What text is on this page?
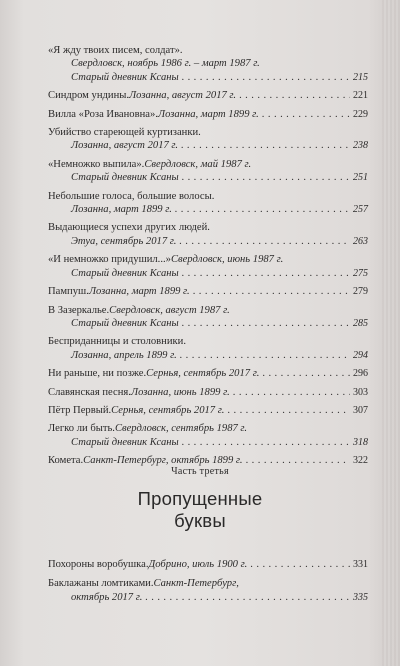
«Я жду твоих писем, солдат».
Свердловск, ноябрь 1986 г. – март 1987 г.
Старый дневник Ксаны . . .	215
Синдром ундины. Лозанна, август 2017 г. . . .	221
Вилла «Роза Ивановна». Лозанна, март 1899 г. . . .	229
Убийство стареющей куртизанки.
Лозанна, август 2017 г. . . .	238
«Немножко выпила». Свердловск, май 1987 г.
Старый дневник Ксаны . . .	251
Небольшие голоса, большие волосы.
Лозанна, март 1899 г. . . .	257
Выдающиеся успехи других людей.
Этуа, сентябрь 2017 г. . . .	263
«И немножко придушил...» Свердловск, июнь 1987 г.
Старый дневник Ксаны . . .	275
Пампуш. Лозанна, март 1899 г. . . .	279
В Зазеркалье. Свердловск, август 1987 г.
Старый дневник Ксаны . . .	285
Бесприданницы и столовники.
Лозанна, апрель 1899 г. . . .	294
Ни раньше, ни позже. Сернья, сентябрь 2017 г. . . .	296
Славянская песня. Лозанна, июнь 1899 г. . . .	303
Пётр Первый. Сернья, сентябрь 2017 г. . . .	307
Легко ли быть. Свердловск, сентябрь 1987 г.
Старый дневник Ксаны . . .	318
Комета. Санкт-Петербург, октябрь 1899 г. . . .	322
Часть третья
Пропущенные
буквы
Похороны воробушка. Добрино, июль 1900 г. . . .	331
Баклажаны ломтиками. Санкт-Петербург,
октябрь 2017 г. . . .	335
